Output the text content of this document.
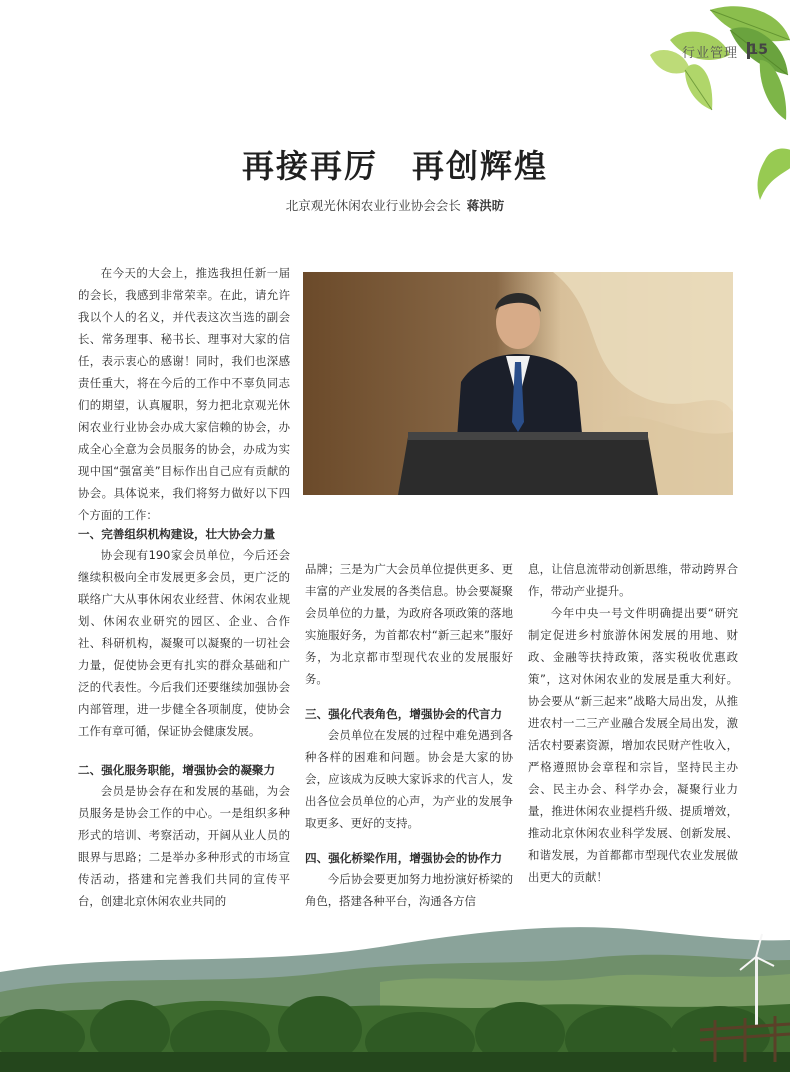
行业管理 15
再接再厉　再创辉煌
北京观光休闲农业行业协会会长 蒋洪昉

在今天的大会上，推选我担任新一届的会长，我感到非常荣幸。在此，请允许我以个人的名义，并代表这次当选的副会长、常务理事、秘书长、理事对大家的信任，表示衷心的感谢！同时，我们也深感责任重大，将在今后的工作中不辜负同志们的期望，认真履职，努力把北京观光休闲农业行业协会办成大家信赖的协会，办成全心全意为会员服务的协会，办成为实现中国“强富美”目标作出自己应有贡献的协会。具体说来，我们将努力做好以下四个方面的工作：

一、完善组织机构建设，壮大协会力量

协会现有190家会员单位，今后还会继续积极向全市发展更多会员，更广泛的联络广大从事休闲农业经营、休闲农业规划、休闲农业研究的园区、企业、合作社、科研机构，凝聚可以凝聚的一切社会力量，促使协会更有扎实的群众基础和广泛的代表性。今后我们还要继续加强协会内部管理，进一步健全各项制度，使协会工作有章可循，保证协会健康发展。

二、强化服务职能，增强协会的凝聚力

会员是协会存在和发展的基础，为会员服务是协会工作的中心。一是组织多种形式的培训、考察活动，开阔从业人员的眼界与思路；二是举办多种形式的市场宣传活动，搭建和完善我们共同的宣传平台，创建北京休闲农业共同的

品牌；三是为广大会员单位提供更多、更丰富的产业发展的各类信息。协会要凝聚会员单位的力量，为政府各项政策的落地实施服好务，为首都农村“新三起来”服好务，为北京都市型现代农业的发展服好务。

三、强化代表角色，增强协会的代言力

会员单位在发展的过程中难免遇到各种各样的困难和问题。协会是大家的协会，应该成为反映大家诉求的代言人，发出各位会员单位的心声，为产业的发展争取更多、更好的支持。

四、强化桥梁作用，增强协会的协作力

今后协会要更加努力地扮演好桥梁的角色，搭建各种平台，沟通各方信

息，让信息流带动创新思维，带动跨界合作，带动产业提升。

今年中央一号文件明确提出要“研究制定促进乡村旅游休闲发展的用地、财政、金融等扶持政策，落实税收优惠政策”，这对休闲农业的发展是重大利好。协会要从“新三起来”战略大局出发，从推进农村一二三产业融合发展全局出发，激活农村要素资源，增加农民财产性收入，严格遵照协会章程和宗旨，坚持民主办会、民主办会、科学办会，凝聚行业力量，推进休闲农业提档升级、提质增效，推动北京休闲农业科学发展、创新发展、和谐发展，为首都都市型现代农业发展做出更大的贡献！
